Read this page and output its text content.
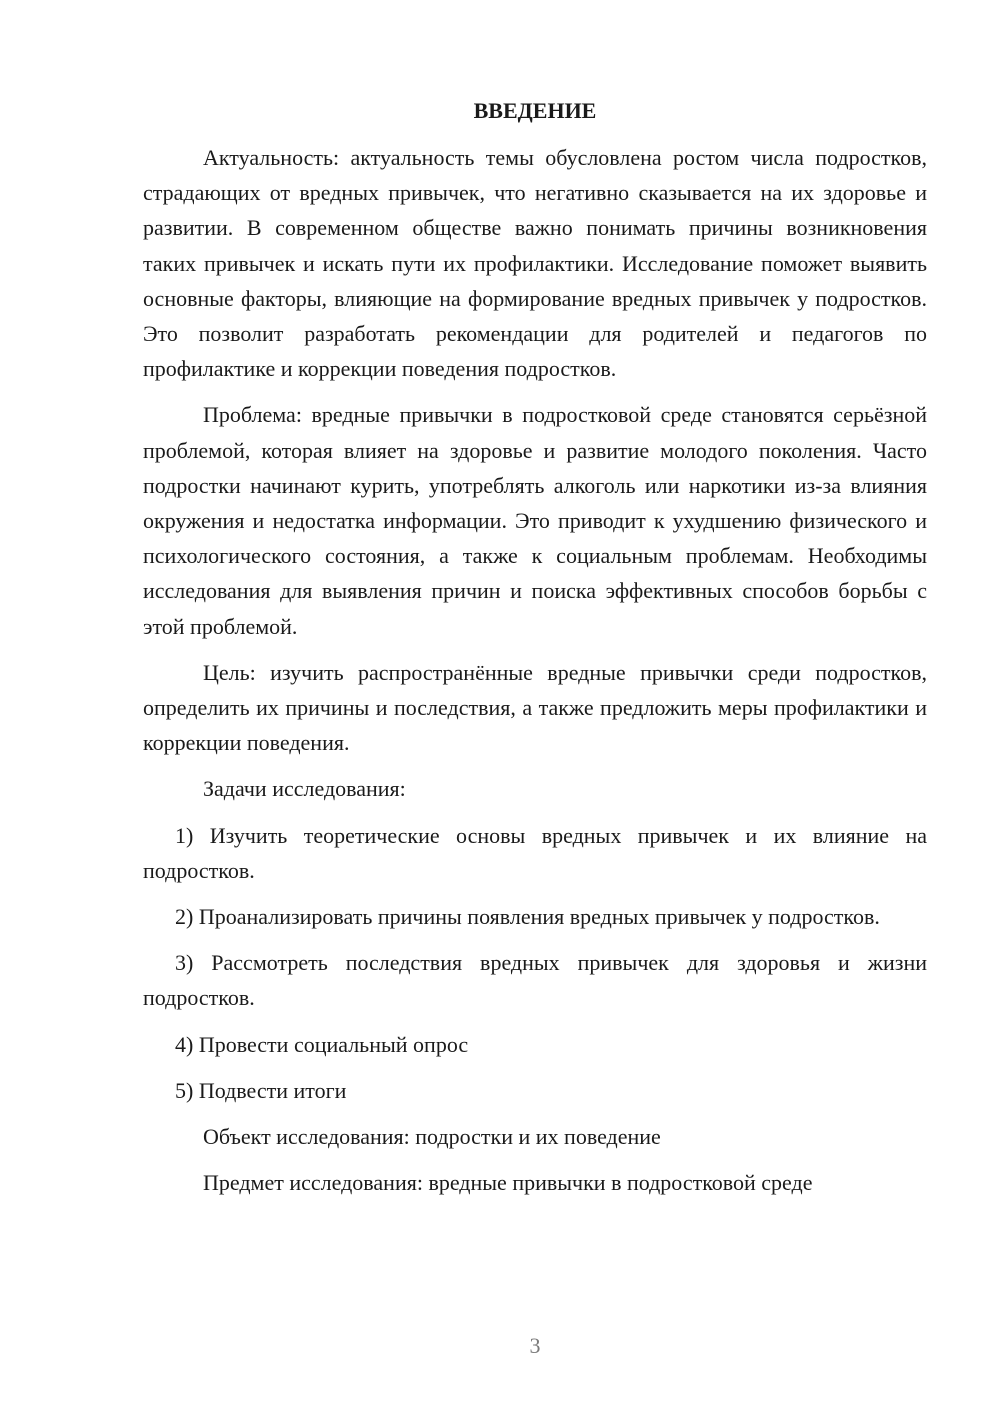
ВВЕДЕНИЕ

Актуальность: актуальность темы обусловлена ростом числа подростков, страдающих от вредных привычек, что негативно сказывается на их здоровье и развитии. В современном обществе важно понимать причины возникновения таких привычек и искать пути их профилактики. Исследование поможет выявить основные факторы, влияющие на формирование вредных привычек у подростков. Это позволит разработать рекомендации для родителей и педагогов по профилактике и коррекции поведения подростков.

Проблема: вредные привычки в подростковой среде становятся серьёзной проблемой, которая влияет на здоровье и развитие молодого поколения. Часто подростки начинают курить, употреблять алкоголь или наркотики из-за влияния окружения и недостатка информации. Это приводит к ухудшению физического и психологического состояния, а также к социальным проблемам. Необходимы исследования для выявления причин и поиска эффективных способов борьбы с этой проблемой.

Цель: изучить распространённые вредные привычки среди подростков, определить их причины и последствия, а также предложить меры профилактики и коррекции поведения.

Задачи исследования:

1) Изучить теоретические основы вредных привычек и их влияние на подростков.

2) Проанализировать причины появления вредных привычек у подростков.

3) Рассмотреть последствия вредных привычек для здоровья и жизни подростков.

4) Провести социальный опрос

5) Подвести итоги

Объект исследования: подростки и их поведение

Предмет исследования: вредные привычки в подростковой среде

3
